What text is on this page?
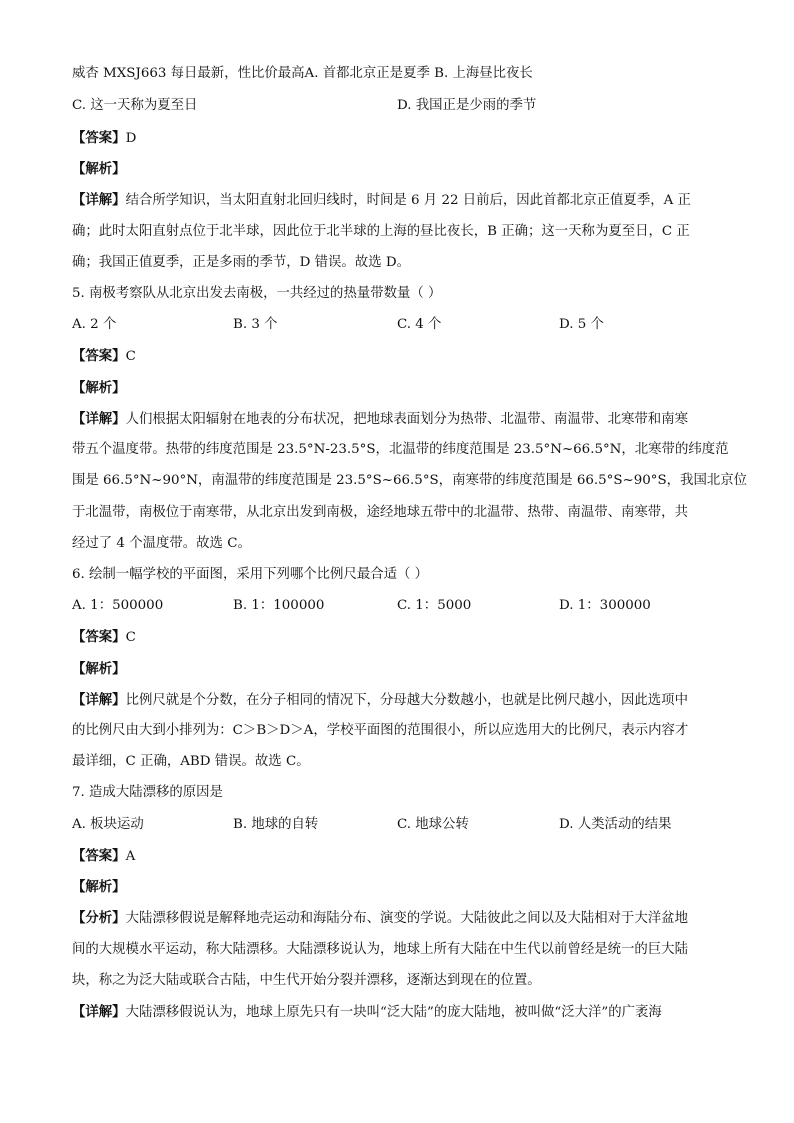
威杏 MXSJ663 每日最新，性比价最高A. 首都北京正是夏季 B. 上海昼比夜长
C. 这一天称为夏至日	D. 我国正是少雨的季节
【答案】D
【解析】
【详解】结合所学知识，当太阳直射北回归线时，时间是 6 月 22 日前后，因此首都北京正值夏季，A 正
确；此时太阳直射点位于北半球，因此位于北半球的上海的昼比夜长，B 正确；这一天称为夏至日，C 正
确；我国正值夏季，正是多雨的季节，D 错误。故选 D。
5. 南极考察队从北京出发去南极，一共经过的热量带数量（ ）
A. 2 个	B. 3 个	C. 4 个	D. 5 个
【答案】C
【解析】
【详解】人们根据太阳辐射在地表的分布状况，把地球表面划分为热带、北温带、南温带、北寒带和南寒
带五个温度带。热带的纬度范围是 23.5°N-23.5°S，北温带的纬度范围是 23.5°N~66.5°N，北寒带的纬度范
围是 66.5°N~90°N，南温带的纬度范围是 23.5°S~66.5°S，南寒带的纬度范围是 66.5°S~90°S，我国北京位
于北温带，南极位于南寒带，从北京出发到南极，途经地球五带中的北温带、热带、南温带、南寒带，共
经过了 4 个温度带。故选 C。
6. 绘制一幅学校的平面图，采用下列哪个比例尺最合适（ ）
A. 1：500000	B. 1：100000	C. 1：5000	D. 1：300000
【答案】C
【解析】
【详解】比例尺就是个分数，在分子相同的情况下，分母越大分数越小，也就是比例尺越小，因此选项中
的比例尺由大到小排列为：C＞B＞D＞A，学校平面图的范围很小，所以应选用大的比例尺，表示内容才
最详细，C 正确，ABD 错误。故选 C。
7. 造成大陆漂移的原因是
A. 板块运动	B. 地球的自转	C. 地球公转	D. 人类活动的结果
【答案】A
【解析】
【分析】大陆漂移假说是解释地壳运动和海陆分布、演变的学说。大陆彼此之间以及大陆相对于大洋盆地
间的大规模水平运动，称大陆漂移。大陆漂移说认为，地球上所有大陆在中生代以前曾经是统一的巨大陆
块，称之为泛大陆或联合古陆，中生代开始分裂并漂移，逐渐达到现在的位置。
【详解】大陆漂移假说认为，地球上原先只有一块叫“泛大陆”的庞大陆地，被叫做“泛大洋”的广袤海
